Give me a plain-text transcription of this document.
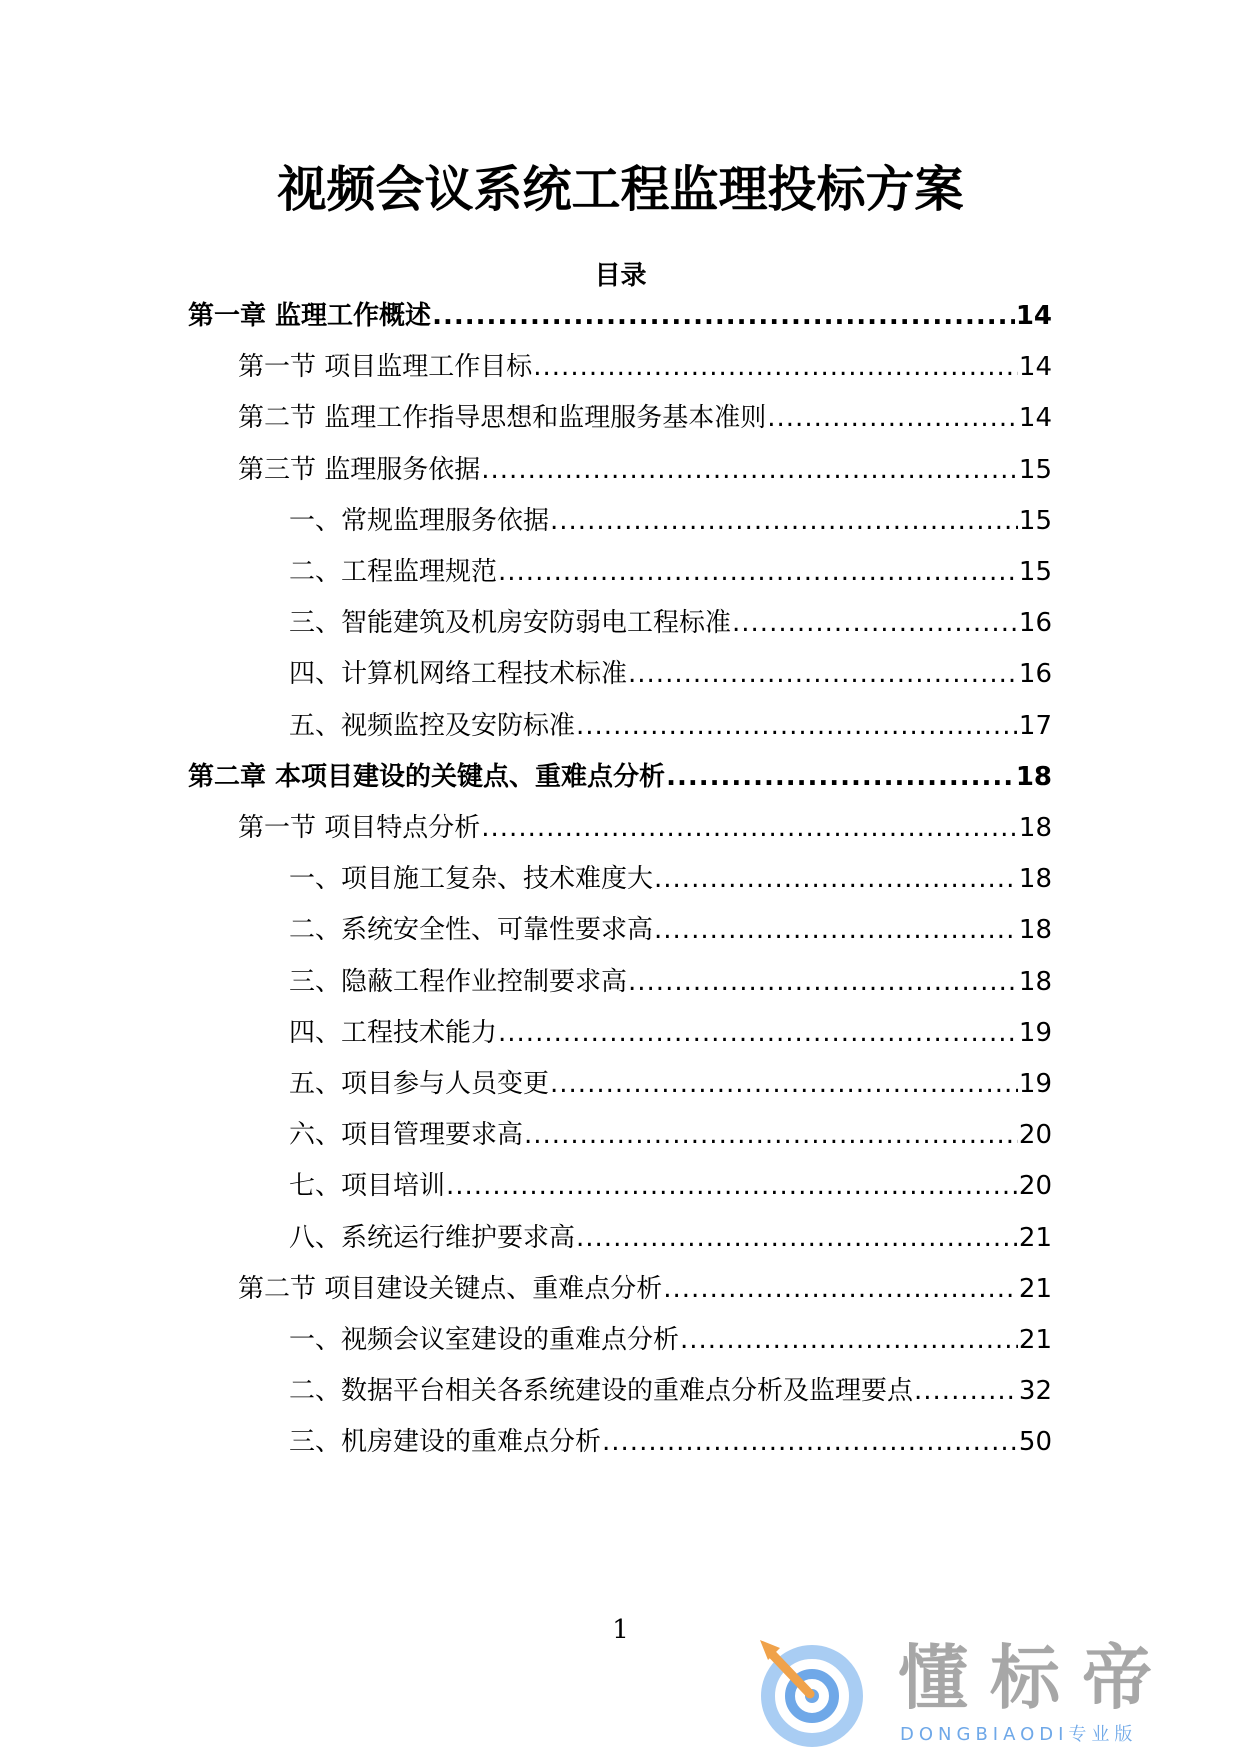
视频会议系统工程监理投标方案
目录
第一章 监理工作概述 .....	14
第一节 项目监理工作目标 .....	14
第二节 监理工作指导思想和监理服务基本准则 .....	14
第三节 监理服务依据 .....	15
一、常规监理服务依据 .....	15
二、工程监理规范 .....	15
三、智能建筑及机房安防弱电工程标准 .....	16
四、计算机网络工程技术标准 .....	16
五、视频监控及安防标准 .....	17
第二章 本项目建设的关键点、重难点分析 .....	18
第一节 项目特点分析 .....	18
一、项目施工复杂、技术难度大 .....	18
二、系统安全性、可靠性要求高 .....	18
三、隐蔽工程作业控制要求高 .....	18
四、工程技术能力 .....	19
五、项目参与人员变更 .....	19
六、项目管理要求高 .....	20
七、项目培训 .....	20
八、系统运行维护要求高 .....	21
第二节 项目建设关键点、重难点分析 .....	21
一、视频会议室建设的重难点分析 .....	21
二、数据平台相关各系统建设的重难点分析及监理要点 .....	32
三、机房建设的重难点分析 .....	50
1
懂标帝
DONGBIAODI专业版
